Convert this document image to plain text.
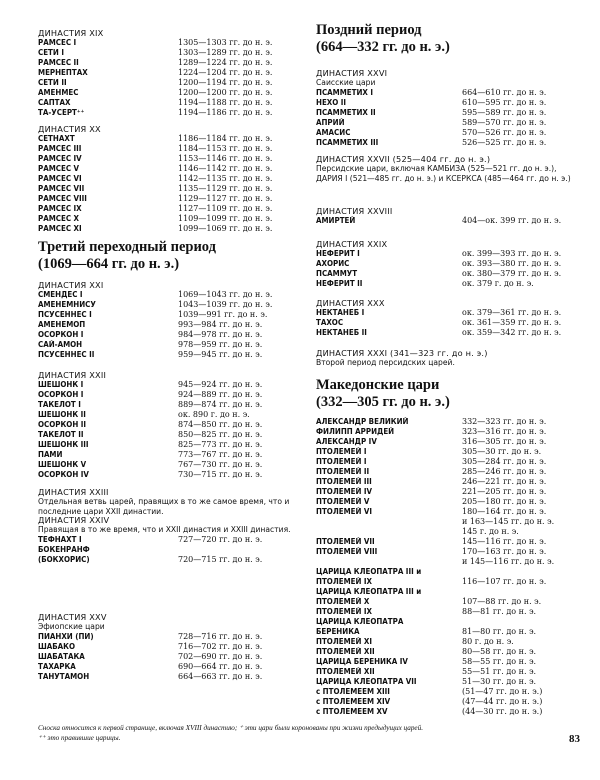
ДИНАСТИЯ XIX
РАМСЕС I	1305—1303 гг. до н. э.
СЕТИ I	1303—1289 гг. до н. э.
РАМСЕС II	1289—1224 гг. до н. э.
МЕРНЕПТАХ	1224—1204 гг. до н. э.
СЕТИ II	1200—1194 гг. до н. э.
АМЕНМЕС	1200—1200 гг. до н. э.
САПТАХ	1194—1188 гг. до н. э.
ТА-УСЕРТ⁺⁺	1194—1186 гг. до н. э.
ДИНАСТИЯ XX
СЕТНАХТ	1186—1184 гг. до н. э.
РАМСЕС III	1184—1153 гг. до н. э.
РАМСЕС IV	1153—1146 гг. до н. э.
РАМСЕС V	1146—1142 гг. до н. э.
РАМСЕС VI	1142—1135 гг. до н. э.
РАМСЕС VII	1135—1129 гг. до н. э.
РАМСЕС VIII	1129—1127 гг. до н. э.
РАМСЕС IX	1127—1109 гг. до н. э.
РАМСЕС X	1109—1099 гг. до н. э.
РАМСЕС XI	1099—1069 гг. до н. э.
Третий переходный период
(1069—664 гг. до н. э.)
ДИНАСТИЯ XXI
СМЕНДЕС I	1069—1043 гг. до н. э.
АМЕНЕМНИСУ	1043—1039 гг. до н. э.
ПСУСЕННЕС I	1039—991 гг. до н. э.
АМЕНЕМОП	993—984 гг. до н. э.
ОСОРКОН I	984—978 гг. до н. э.
САЙ-АМОН	978—959 гг. до н. э.
ПСУСЕННЕС II	959—945 гг. до н. э.
ДИНАСТИЯ XXII
ШЕШОНК I	945—924 гг. до н. э.
ОСОРКОН I	924—889 гг. до н. э.
ТАКЕЛОТ I	889—874 гг. до н. э.
ШЕШОНК II	ок. 890 г. до н. э.
ОСОРКОН II	874—850 гг. до н. э.
ТАКЕЛОТ II	850—825 гг. до н. э.
ШЕШОНК III	825—773 гг. до н. э.
ПАМИ	773—767 гг. до н. э.
ШЕШОНК V	767—730 гг. до н. э.
ОСОРКОН IV	730—715 гг. до н. э.
ДИНАСТИЯ XXIII
Отдельная ветвь царей, правящих в то же самое время, что и последние цари XXII династии.
ДИНАСТИЯ XXIV
Правящая в то же время, что и XXII династия и XXIII династия.
ТЕФНАХТ I	727—720 гг. до н. э.
БОКЕНРАНФ
(БОКХОРИС)	720—715 гг. до н. э.
ДИНАСТИЯ XXV
Эфиопские цари
ПИАНХИ (ПИ)	728—716 гг. до н. э.
ШАБАКО	716—702 гг. до н. э.
ШАБАТАКА	702—690 гг. до н. э.
ТАХАРКА	690—664 гг. до н. э.
ТАНУТАМОН	664—663 гг. до н. э.
Поздний период
(664—332 гг. до н. э.)
ДИНАСТИЯ XXVI
Саисские цари
ПСАММЕТИХ I	664—610 гг. до н. э.
НЕХО II	610—595 гг. до н. э.
ПСАММЕТИХ II	595—589 гг. до н. э.
АПРИЙ	589—570 гг. до н. э.
АМАСИС	570—526 гг. до н. э.
ПСАММЕТИХ III	526—525 гг. до н. э.
ДИНАСТИЯ XXVII (525—404 гг. до н. э.)
Персидские цари, включая КАМБИЗА (525—521 гг. до н. э.), ДАРИЯ I (521—485 гг. до н. э.) и КСЕРКСА (485—464 гг. до н. э.)
ДИНАСТИЯ XXVIII
АМИРТЕЙ	404—ок. 399 гг. до н. э.
ДИНАСТИЯ XXIX
НЕФЕРИТ I	ок. 399—393 гг. до н. э.
АХОРИС	ок. 393—380 гг. до н. э.
ПСАММУТ	ок. 380—379 гг. до н. э.
НЕФЕРИТ II	ок. 379 г. до н. э.
ДИНАСТИЯ XXX
НЕКТАНЕБ I	ок. 379—361 гг. до н. э.
ТАХОС	ок. 361—359 гг. до н. э.
НЕКТАНЕБ II	ок. 359—342 гг. до н. э.
ДИНАСТИЯ XXXI (341—323 гг. до н. э.)
Второй период персидских царей.
Македонские цари
(332—305 гг. до н. э.)
АЛЕКСАНДР ВЕЛИКИЙ	332—323 гг. до н. э.
ФИЛИПП АРРИДЕЙ	323—316 гг. до н. э.
АЛЕКСАНДР IV	316—305 гг. до н. э.
ПТОЛЕМЕЙ I	305—30 гг. до н. э.
ПТОЛЕМЕЙ I	305—284 гг. до н. э.
ПТОЛЕМЕЙ II	285—246 гг. до н. э.
ПТОЛЕМЕЙ III	246—221 гг. до н. э.
ПТОЛЕМЕЙ IV	221—205 гг. до н. э.
ПТОЛЕМЕЙ V	205—180 гг. до н. э.
ПТОЛЕМЕЙ VI	180—164 гг. до н. э.
и 163—145 гг. до н. э.
145 г. до н. э.
ПТОЛЕМЕЙ VII	145—116 гг. до н. э.
ПТОЛЕМЕЙ VIII	170—163 гг. до н. э.
и 145—116 гг. до н. э.
ЦАРИЦА КЛЕОПАТРА III и
ПТОЛЕМЕЙ IX	116—107 гг. до н. э.
ЦАРИЦА КЛЕОПАТРА III и
ПТОЛЕМЕЙ X	107—88 гг. до н. э.
ПТОЛЕМЕЙ IX	88—81 гг. до н. э.
ЦАРИЦА КЛЕОПАТРА
БЕРЕНИКА	81—80 гг. до н. э.
ПТОЛЕМЕЙ XI	80 г. до н. э.
ПТОЛЕМЕЙ XII	80—58 гг. до н. э.
ЦАРИЦА БЕРЕНИКА IV	58—55 гг. до н. э.
ПТОЛЕМЕЙ XII	55—51 гг. до н. э.
ЦАРИЦА КЛЕОПАТРА VII	51—30 гг. до н. э.
с ПТОЛЕМЕЕМ XIII	(51—47 гг. до н. э.)
с ПТОЛЕМЕЕМ XIV	(47—44 гг. до н. э.)
с ПТОЛЕМЕЕМ XV	(44—30 гг. до н. э.)
Сноска относится к первой странице, включая XVIII династию; ⁺ эти цари были коронованы при жизни предыдущих царей.
⁺⁺ это правившие царицы.	83
